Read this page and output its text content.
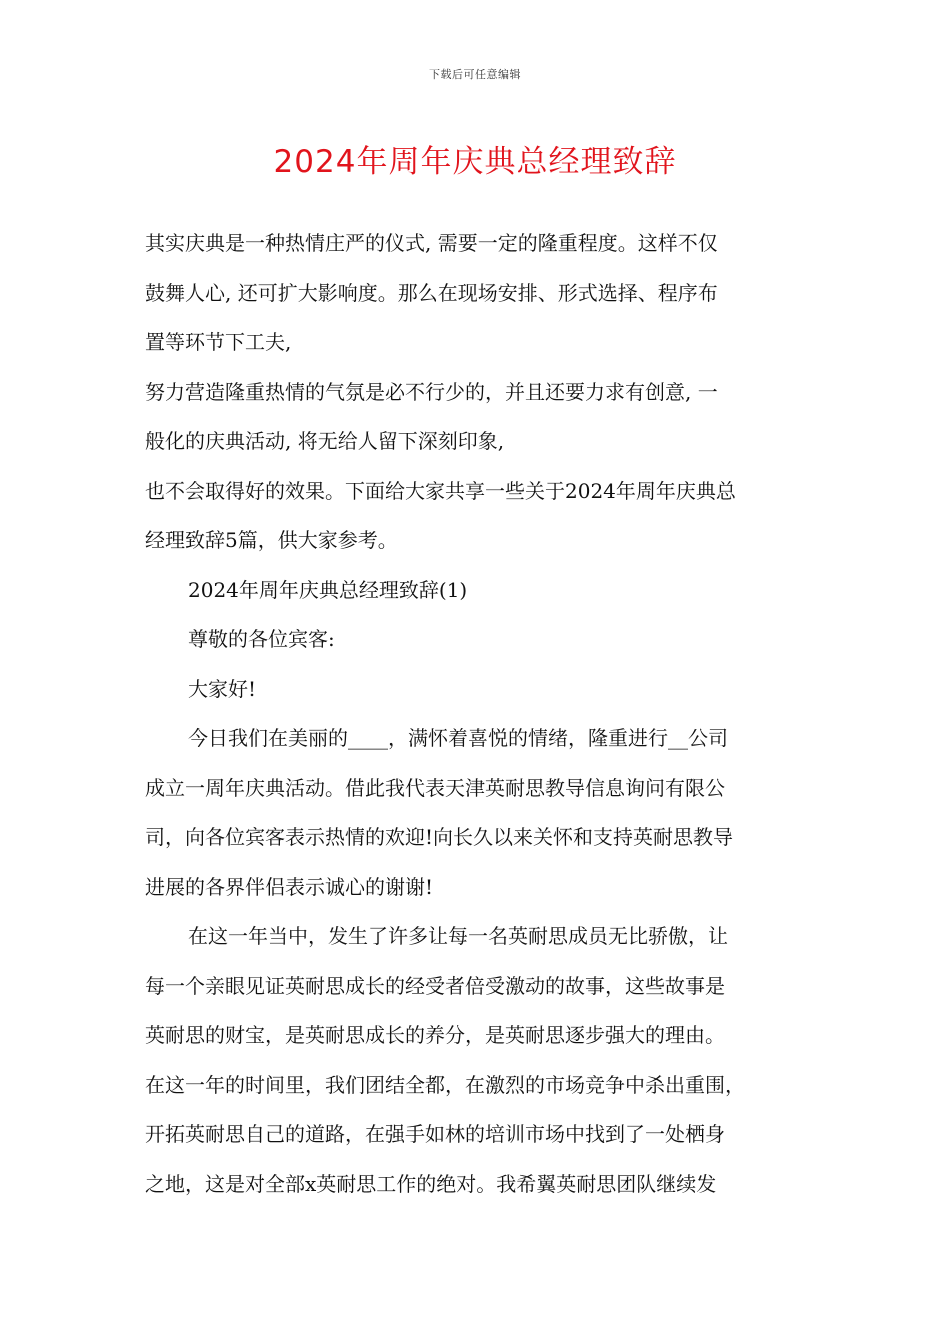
下载后可任意编辑
2024年周年庆典总经理致辞
其实庆典是一种热情庄严的仪式, 需要一定的隆重程度。这样不仅
鼓舞人心, 还可扩大影响度。那么在现场安排、形式选择、程序布
置等环节下工夫,
努力营造隆重热情的气氛是必不行少的，并且还要力求有创意, 一
般化的庆典活动, 将无给人留下深刻印象,
也不会取得好的效果。下面给大家共享一些关于2024年周年庆典总
经理致辞5篇，供大家参考。
2024年周年庆典总经理致辞(1)
尊敬的各位宾客:
大家好!
今日我们在美丽的____，满怀着喜悦的情绪，隆重进行__公司
成立一周年庆典活动。借此我代表天津英耐思教导信息询问有限公
司，向各位宾客表示热情的欢迎!向长久以来关怀和支持英耐思教导
进展的各界伴侣表示诚心的谢谢!
在这一年当中，发生了许多让每一名英耐思成员无比骄傲，让
每一个亲眼见证英耐思成长的经受者倍受激动的故事，这些故事是
英耐思的财宝，是英耐思成长的养分，是英耐思逐步强大的理由。
在这一年的时间里，我们团结全都，在激烈的市场竞争中杀出重围，
开拓英耐思自己的道路，在强手如林的培训市场中找到了一处栖身
之地，这是对全部x英耐思工作的绝对。我希翼英耐思团队继续发
